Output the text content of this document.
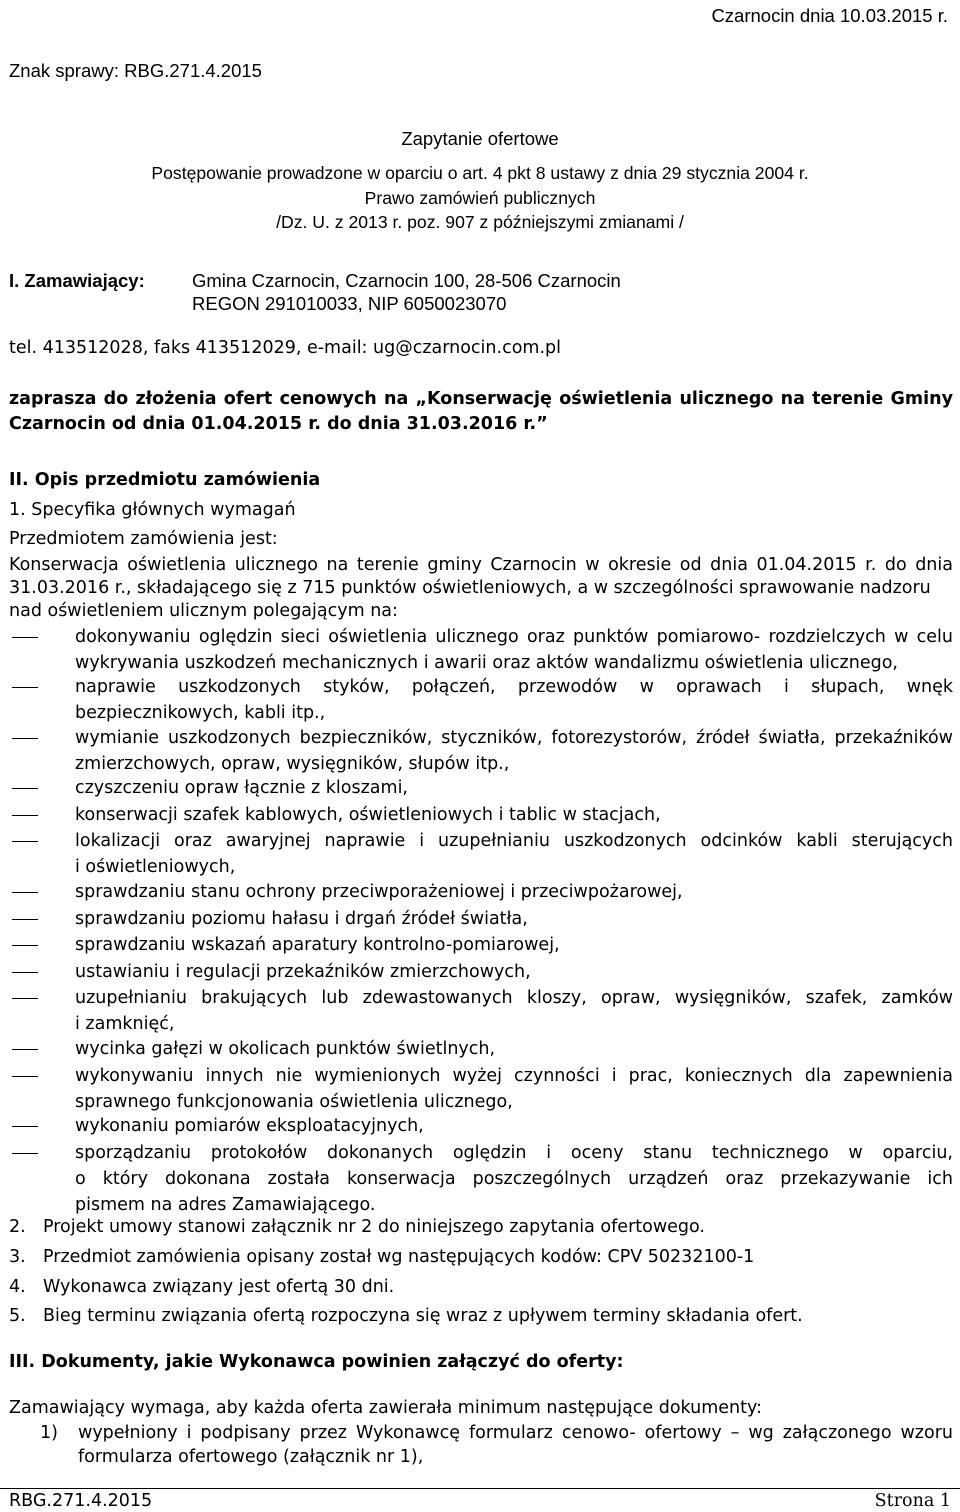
Czarnocin dnia 10.03.2015 r.
Znak sprawy: RBG.271.4.2015
Zapytanie ofertowe
Postępowanie prowadzone w oparciu o art. 4 pkt 8 ustawy z dnia 29 stycznia 2004 r.
Prawo zamówień publicznych
/Dz. U. z 2013 r. poz. 907 z późniejszymi zmianami /
I. Zamawiający:	Gmina Czarnocin, Czarnocin 100, 28-506 Czarnocin
REGON 291010033, NIP 6050023070
tel. 413512028, faks 413512029, e-mail: ug@czarnocin.com.pl
zaprasza do złożenia ofert cenowych na „Konserwację oświetlenia ulicznego na terenie Gminy
Czarnocin od dnia 01.04.2015 r. do dnia 31.03.2016 r.”
II. Opis przedmiotu zamówienia
1. Specyfika głównych wymagań
Przedmiotem zamówienia jest:
Konserwacja oświetlenia ulicznego na terenie gminy Czarnocin w okresie od dnia 01.04.2015 r. do dnia
31.03.2016 r., składającego się z 715 punktów oświetleniowych, a w szczególności sprawowanie nadzoru
nad oświetleniem ulicznym polegającym na:
dokonywaniu oględzin sieci oświetlenia ulicznego oraz punktów pomiarowo- rozdzielczych w celu
wykrywania uszkodzeń mechanicznych i awarii oraz aktów wandalizmu oświetlenia ulicznego,
naprawie uszkodzonych styków, połączeń, przewodów w oprawach i słupach, wnęk
bezpiecznikowych, kabli itp.,
wymianie uszkodzonych bezpieczników, styczników, fotorezystorów, źródeł światła, przekaźników
zmierzchowych, opraw, wysięgników, słupów itp.,
czyszczeniu opraw łącznie z kloszami,
konserwacji szafek kablowych, oświetleniowych i tablic w stacjach,
lokalizacji oraz awaryjnej naprawie i uzupełnianiu uszkodzonych odcinków kabli sterujących
i oświetleniowych,
sprawdzaniu stanu ochrony przeciwporażeniowej i przeciwpożarowej,
sprawdzaniu poziomu hałasu i drgań źródeł światła,
sprawdzaniu wskazań aparatury kontrolno-pomiarowej,
ustawianiu i regulacji przekaźników zmierzchowych,
uzupełnianiu brakujących lub zdewastowanych kloszy, opraw, wysięgników, szafek, zamków
i zamknięć,
wycinka gałęzi w okolicach punktów świetlnych,
wykonywaniu innych nie wymienionych wyżej czynności i prac, koniecznych dla zapewnienia
sprawnego funkcjonowania oświetlenia ulicznego,
wykonaniu pomiarów eksploatacyjnych,
sporządzaniu protokołów dokonanych oględzin i oceny stanu technicznego w oparciu,
o który dokonana została konserwacja poszczególnych urządzeń oraz przekazywanie ich
pismem na adres Zamawiającego.
2. Projekt umowy stanowi załącznik nr 2 do niniejszego zapytania ofertowego.
3. Przedmiot zamówienia opisany został wg następujących kodów: CPV 50232100-1
4. Wykonawca związany jest ofertą 30 dni.
5. Bieg terminu związania ofertą rozpoczyna się wraz z upływem terminy składania ofert.
III. Dokumenty, jakie Wykonawca powinien załączyć do oferty:
Zamawiający wymaga, aby każda oferta zawierała minimum następujące dokumenty:
1) wypełniony i podpisany przez Wykonawcę formularz cenowo- ofertowy – wg załączonego wzoru
formularza ofertowego (załącznik nr 1),
RBG.271.4.2015	Strona 1
